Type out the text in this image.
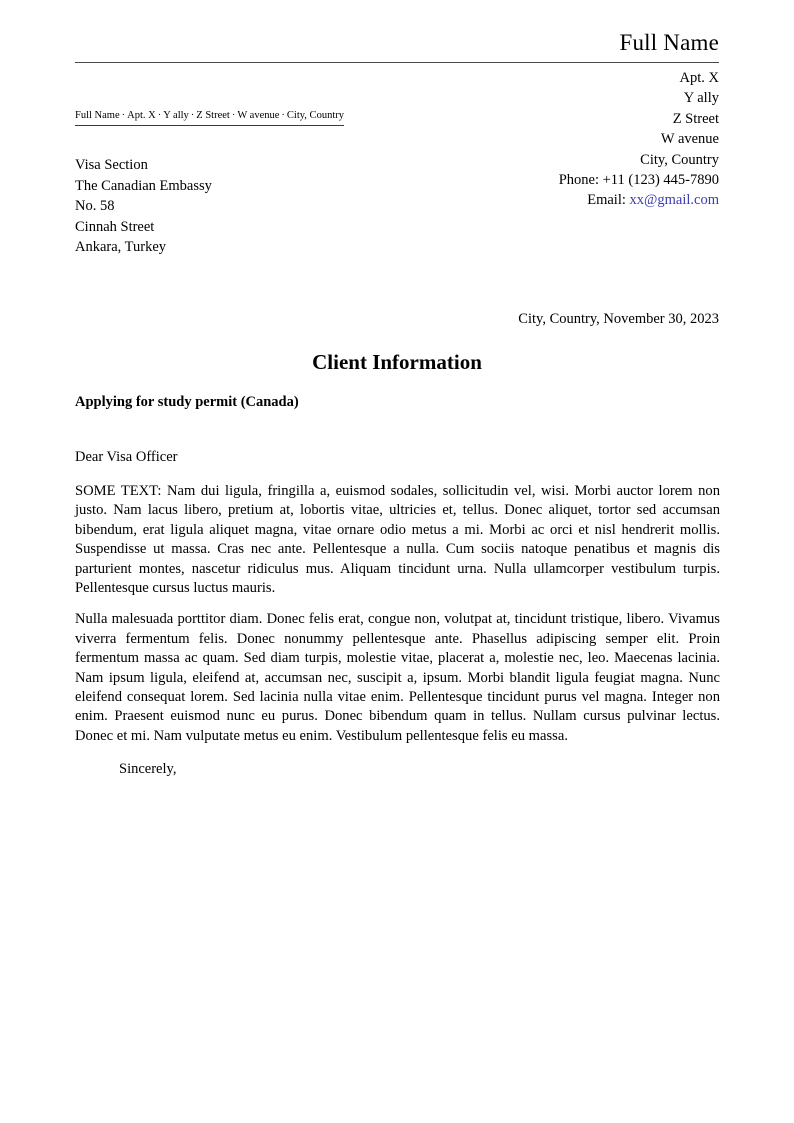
Full Name
Apt. X
Y ally
Z Street
W avenue
City, Country
Phone: +11 (123) 445-7890
Email: xx@gmail.com
Full Name · Apt. X · Y ally · Z Street · W avenue · City, Country
Visa Section
The Canadian Embassy
No. 58
Cinnah Street
Ankara, Turkey
City, Country, November 30, 2023
Client Information
Applying for study permit (Canada)
Dear Visa Officer

SOME TEXT: Nam dui ligula, fringilla a, euismod sodales, sollicitudin vel, wisi. Morbi auctor lorem non justo. Nam lacus libero, pretium at, lobortis vitae, ultricies et, tellus. Donec aliquet, tortor sed accumsan bibendum, erat ligula aliquet magna, vitae ornare odio metus a mi. Morbi ac orci et nisl hendrerit mollis. Suspendisse ut massa. Cras nec ante. Pellentesque a nulla. Cum sociis natoque penatibus et magnis dis parturient montes, nascetur ridiculus mus. Aliquam tincidunt urna. Nulla ullamcorper vestibulum turpis. Pellentesque cursus luctus mauris.

Nulla malesuada porttitor diam. Donec felis erat, congue non, volutpat at, tincidunt tristique, libero. Vivamus viverra fermentum felis. Donec nonummy pellentesque ante. Phasellus adipiscing semper elit. Proin fermentum massa ac quam. Sed diam turpis, molestie vitae, placerat a, molestie nec, leo. Maecenas lacinia. Nam ipsum ligula, eleifend at, accumsan nec, suscipit a, ipsum. Morbi blandit ligula feugiat magna. Nunc eleifend consequat lorem. Sed lacinia nulla vitae enim. Pellentesque tincidunt purus vel magna. Integer non enim. Praesent euismod nunc eu purus. Donec bibendum quam in tellus. Nullam cursus pulvinar lectus. Donec et mi. Nam vulputate metus eu enim. Vestibulum pellentesque felis eu massa.

Sincerely,
